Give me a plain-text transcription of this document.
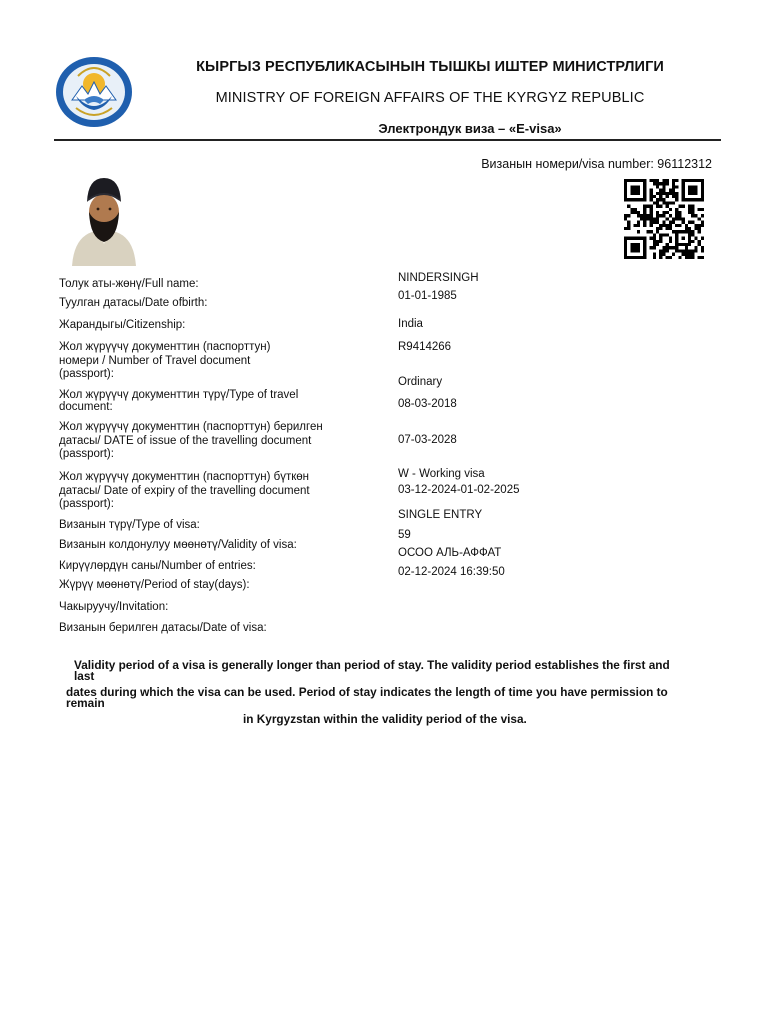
КЫРГЫЗ РЕСПУБЛИКАСЫНЫН ТЫШКЫ ИШТЕР МИНИСТРЛИГИ
MINISTRY OF FOREIGN AFFAIRS OF THE KYRGYZ REPUBLIC
Электрондук виза – «E-visa»
Визанын номери/visa number: 96112312
Толук аты-жөнү/Full name:
Туулган датасы/Date ofbirth:
Жарандыгы/Citizenship:
Жол жүрүүчү документтин (паспорттун)
номери / Number of Travel document
(passport):
Жол жүрүүчү документтин түрү/Type of travel
document:
Жол жүрүүчү документтин (паспорттун) берилген
датасы/ DATE of issue of the travelling document
(passport):
Жол жүрүүчү документтин (паспорттун) бүткөн
датасы/ Date of expiry of the travelling document
(passport):
Визанын түрү/Type of visa:
Визанын колдонулуу мөөнөтү/Validity of visa:
Кирүүлөрдүн саны/Number of entries:
Жүрүү мөөнөтү/Period of stay(days):
Чакыруучу/Invitation:
Визанын берилген датасы/Date of visa:
NINDERSINGH
01-01-1985
India
R9414266
Ordinary
08-03-2018
07-03-2028
W - Working visa
03-12-2024-01-02-2025
SINGLE ENTRY
59
ОСОО АЛЬ-АФФАТ
02-12-2024 16:39:50
Validity period of a visa is generally longer than period of stay. The validity period establishes the first and
last
dates during which the visa can be used. Period of stay indicates the length of time you have permission to
remain
in Kyrgyzstan within the validity period of the visa.
